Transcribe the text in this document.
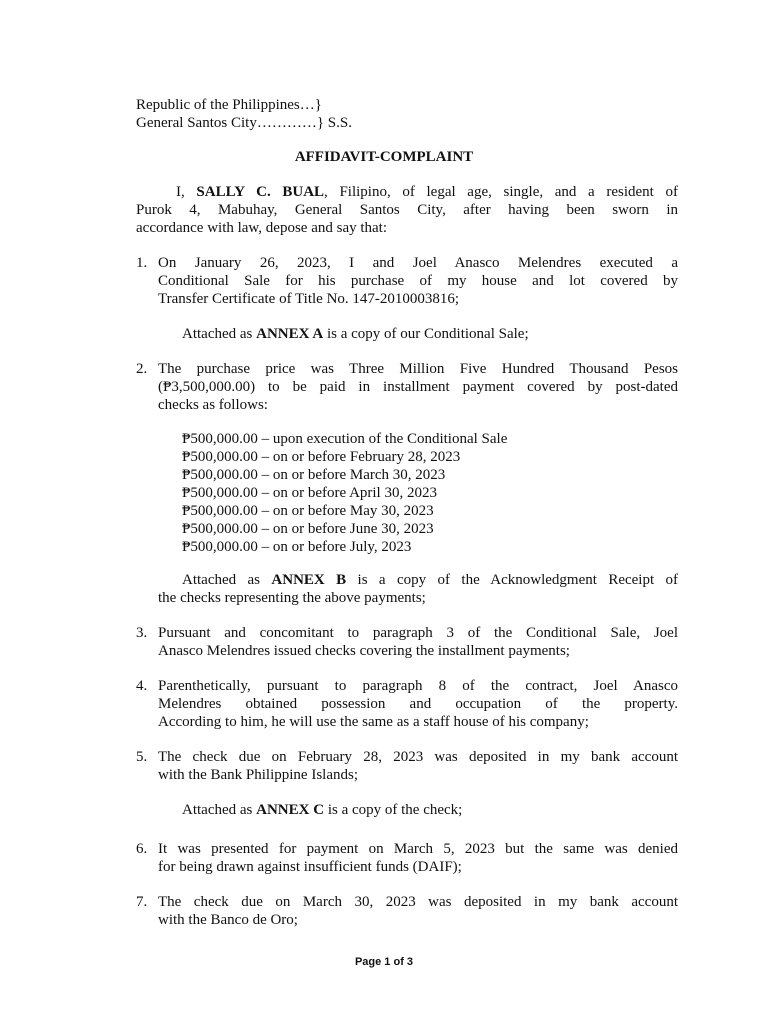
Republic of the Philippines…}
General Santos City…………} S.S.
AFFIDAVIT-COMPLAINT
I, SALLY C. BUAL, Filipino, of legal age, single, and a resident of
Purok 4, Mabuhay, General Santos City, after having been sworn in
accordance with law, depose and say that:
1. On January 26, 2023, I and Joel Anasco Melendres executed a
Conditional Sale for his purchase of my house and lot covered by
Transfer Certificate of Title No. 147-2010003816;
Attached as ANNEX A is a copy of our Conditional Sale;
2. The purchase price was Three Million Five Hundred Thousand Pesos
(₱3,500,000.00) to be paid in installment payment covered by post-dated
checks as follows:
₱500,000.00 – upon execution of the Conditional Sale
₱500,000.00 – on or before February 28, 2023
₱500,000.00 – on or before March 30, 2023
₱500,000.00 – on or before April 30, 2023
₱500,000.00 – on or before May 30, 2023
₱500,000.00 – on or before June 30, 2023
₱500,000.00 – on or before July, 2023
Attached as ANNEX B is a copy of the Acknowledgment Receipt of
the checks representing the above payments;
3. Pursuant and concomitant to paragraph 3 of the Conditional Sale, Joel
Anasco Melendres issued checks covering the installment payments;
4. Parenthetically, pursuant to paragraph 8 of the contract, Joel Anasco
Melendres obtained possession and occupation of the property.
According to him, he will use the same as a staff house of his company;
5. The check due on February 28, 2023 was deposited in my bank account
with the Bank Philippine Islands;
Attached as ANNEX C is a copy of the check;
6. It was presented for payment on March 5, 2023 but the same was denied
for being drawn against insufficient funds (DAIF);
7. The check due on March 30, 2023 was deposited in my bank account
with the Banco de Oro;
Page 1 of 3
